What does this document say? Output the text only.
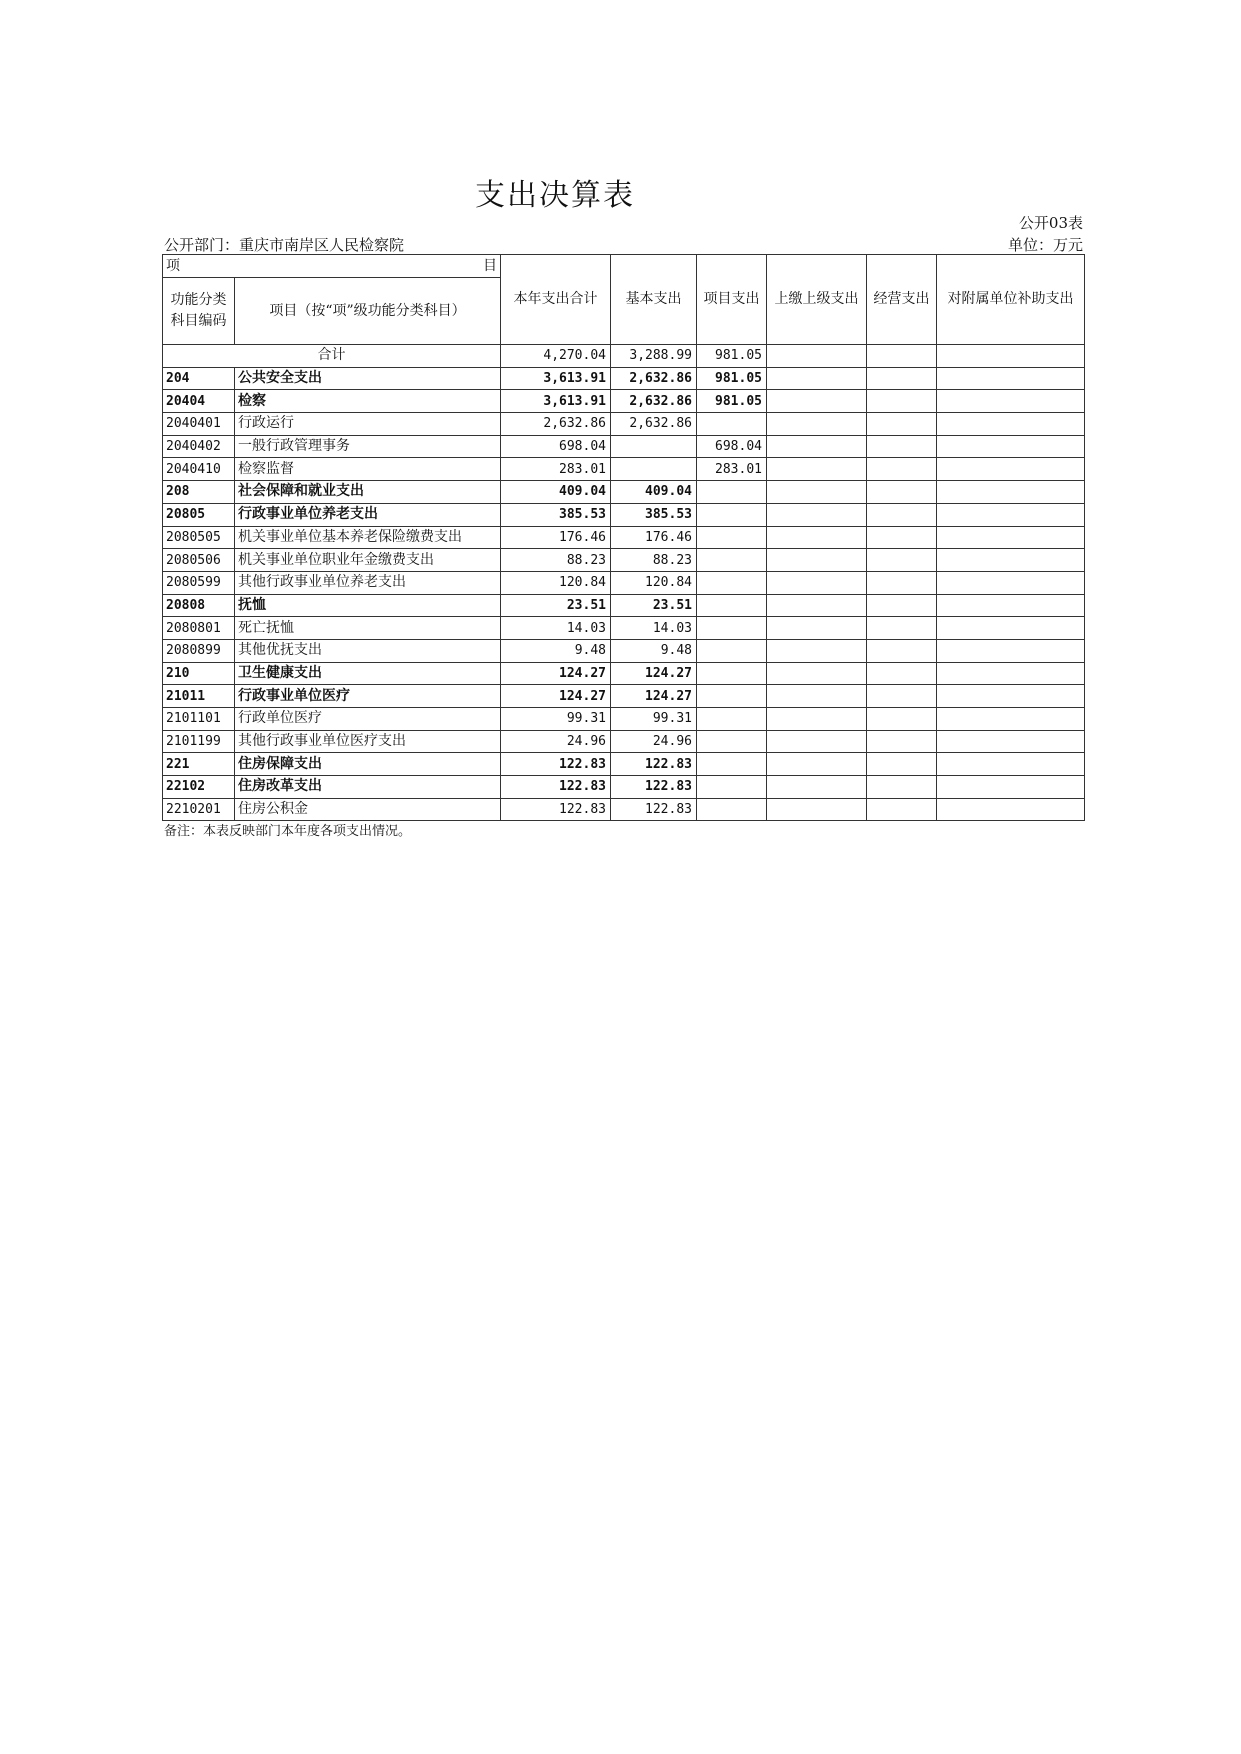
支出决算表
公开03表
公开部门：重庆市南岸区人民检察院	单位：万元
项 目		本年支出合计	基本支出	项目支出	上缴上级支出	经营支出	对附属单位补助支出
功能分类科目编码	项目（按“项”级功能分类科目）						
合计		4,270.04	3,288.99	981.05			
204	公共安全支出	3,613.91	2,632.86	981.05			
20404	检察	3,613.91	2,632.86	981.05			
2040401	行政运行	2,632.86	2,632.86				
2040402	一般行政管理事务	698.04		698.04			
2040410	检察监督	283.01		283.01			
208	社会保障和就业支出	409.04	409.04				
20805	行政事业单位养老支出	385.53	385.53				
2080505	机关事业单位基本养老保险缴费支出	176.46	176.46				
2080506	机关事业单位职业年金缴费支出	88.23	88.23				
2080599	其他行政事业单位养老支出	120.84	120.84				
20808	抚恤	23.51	23.51				
2080801	死亡抚恤	14.03	14.03				
2080899	其他优抚支出	9.48	9.48				
210	卫生健康支出	124.27	124.27				
21011	行政事业单位医疗	124.27	124.27				
2101101	行政单位医疗	99.31	99.31				
2101199	其他行政事业单位医疗支出	24.96	24.96				
221	住房保障支出	122.83	122.83				
22102	住房改革支出	122.83	122.83				
2210201	住房公积金	122.83	122.83				
备注：本表反映部门本年度各项支出情况。
